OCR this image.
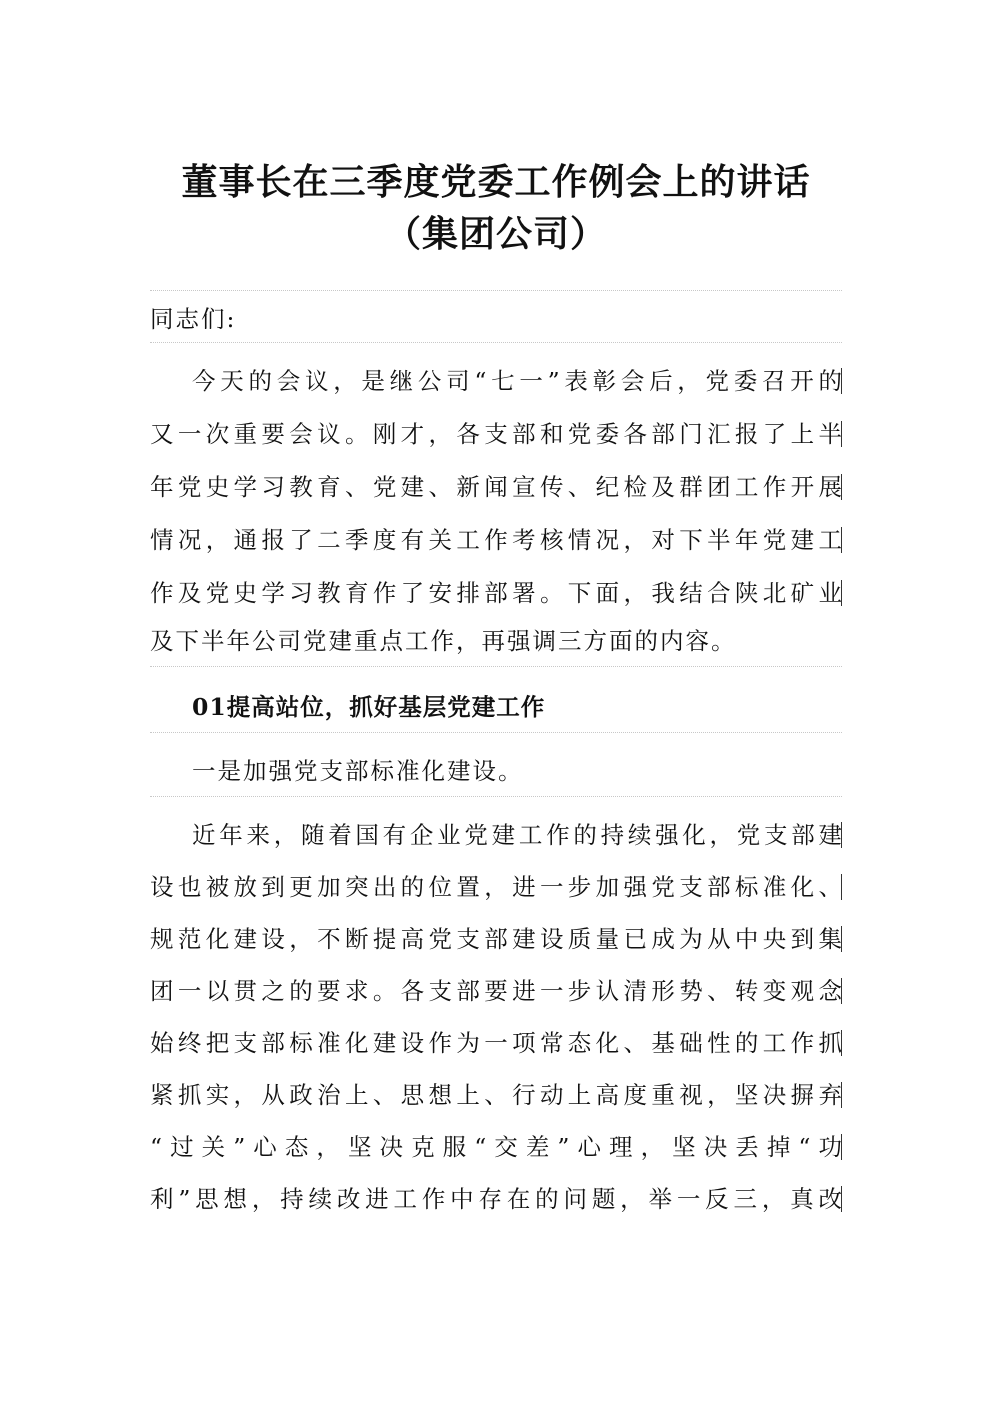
董事长在三季度党委工作例会上的讲话
（集团公司）
同志们:
今天的会议，是继公司“七一”表彰会后，党委召开的
又一次重要会议。刚才，各支部和党委各部门汇报了上半
年党史学习教育、党建、新闻宣传、纪检及群团工作开展
情况，通报了二季度有关工作考核情况，对下半年党建工
作及党史学习教育作了安排部署。下面，我结合陕北矿业
及下半年公司党建重点工作，再强调三方面的内容。
01提高站位，抓好基层党建工作
一是加强党支部标准化建设。
近年来，随着国有企业党建工作的持续强化，党支部建
设也被放到更加突出的位置，进一步加强党支部标准化、
规范化建设，不断提高党支部建设质量已成为从中央到集
团一以贯之的要求。各支部要进一步认清形势、转变观念
始终把支部标准化建设作为一项常态化、基础性的工作抓
紧抓实，从政治上、思想上、行动上高度重视，坚决摒弃
“过关”心态，坚决克服“交差”心理，坚决丢掉“功
利”思想，持续改进工作中存在的问题，举一反三，真改
